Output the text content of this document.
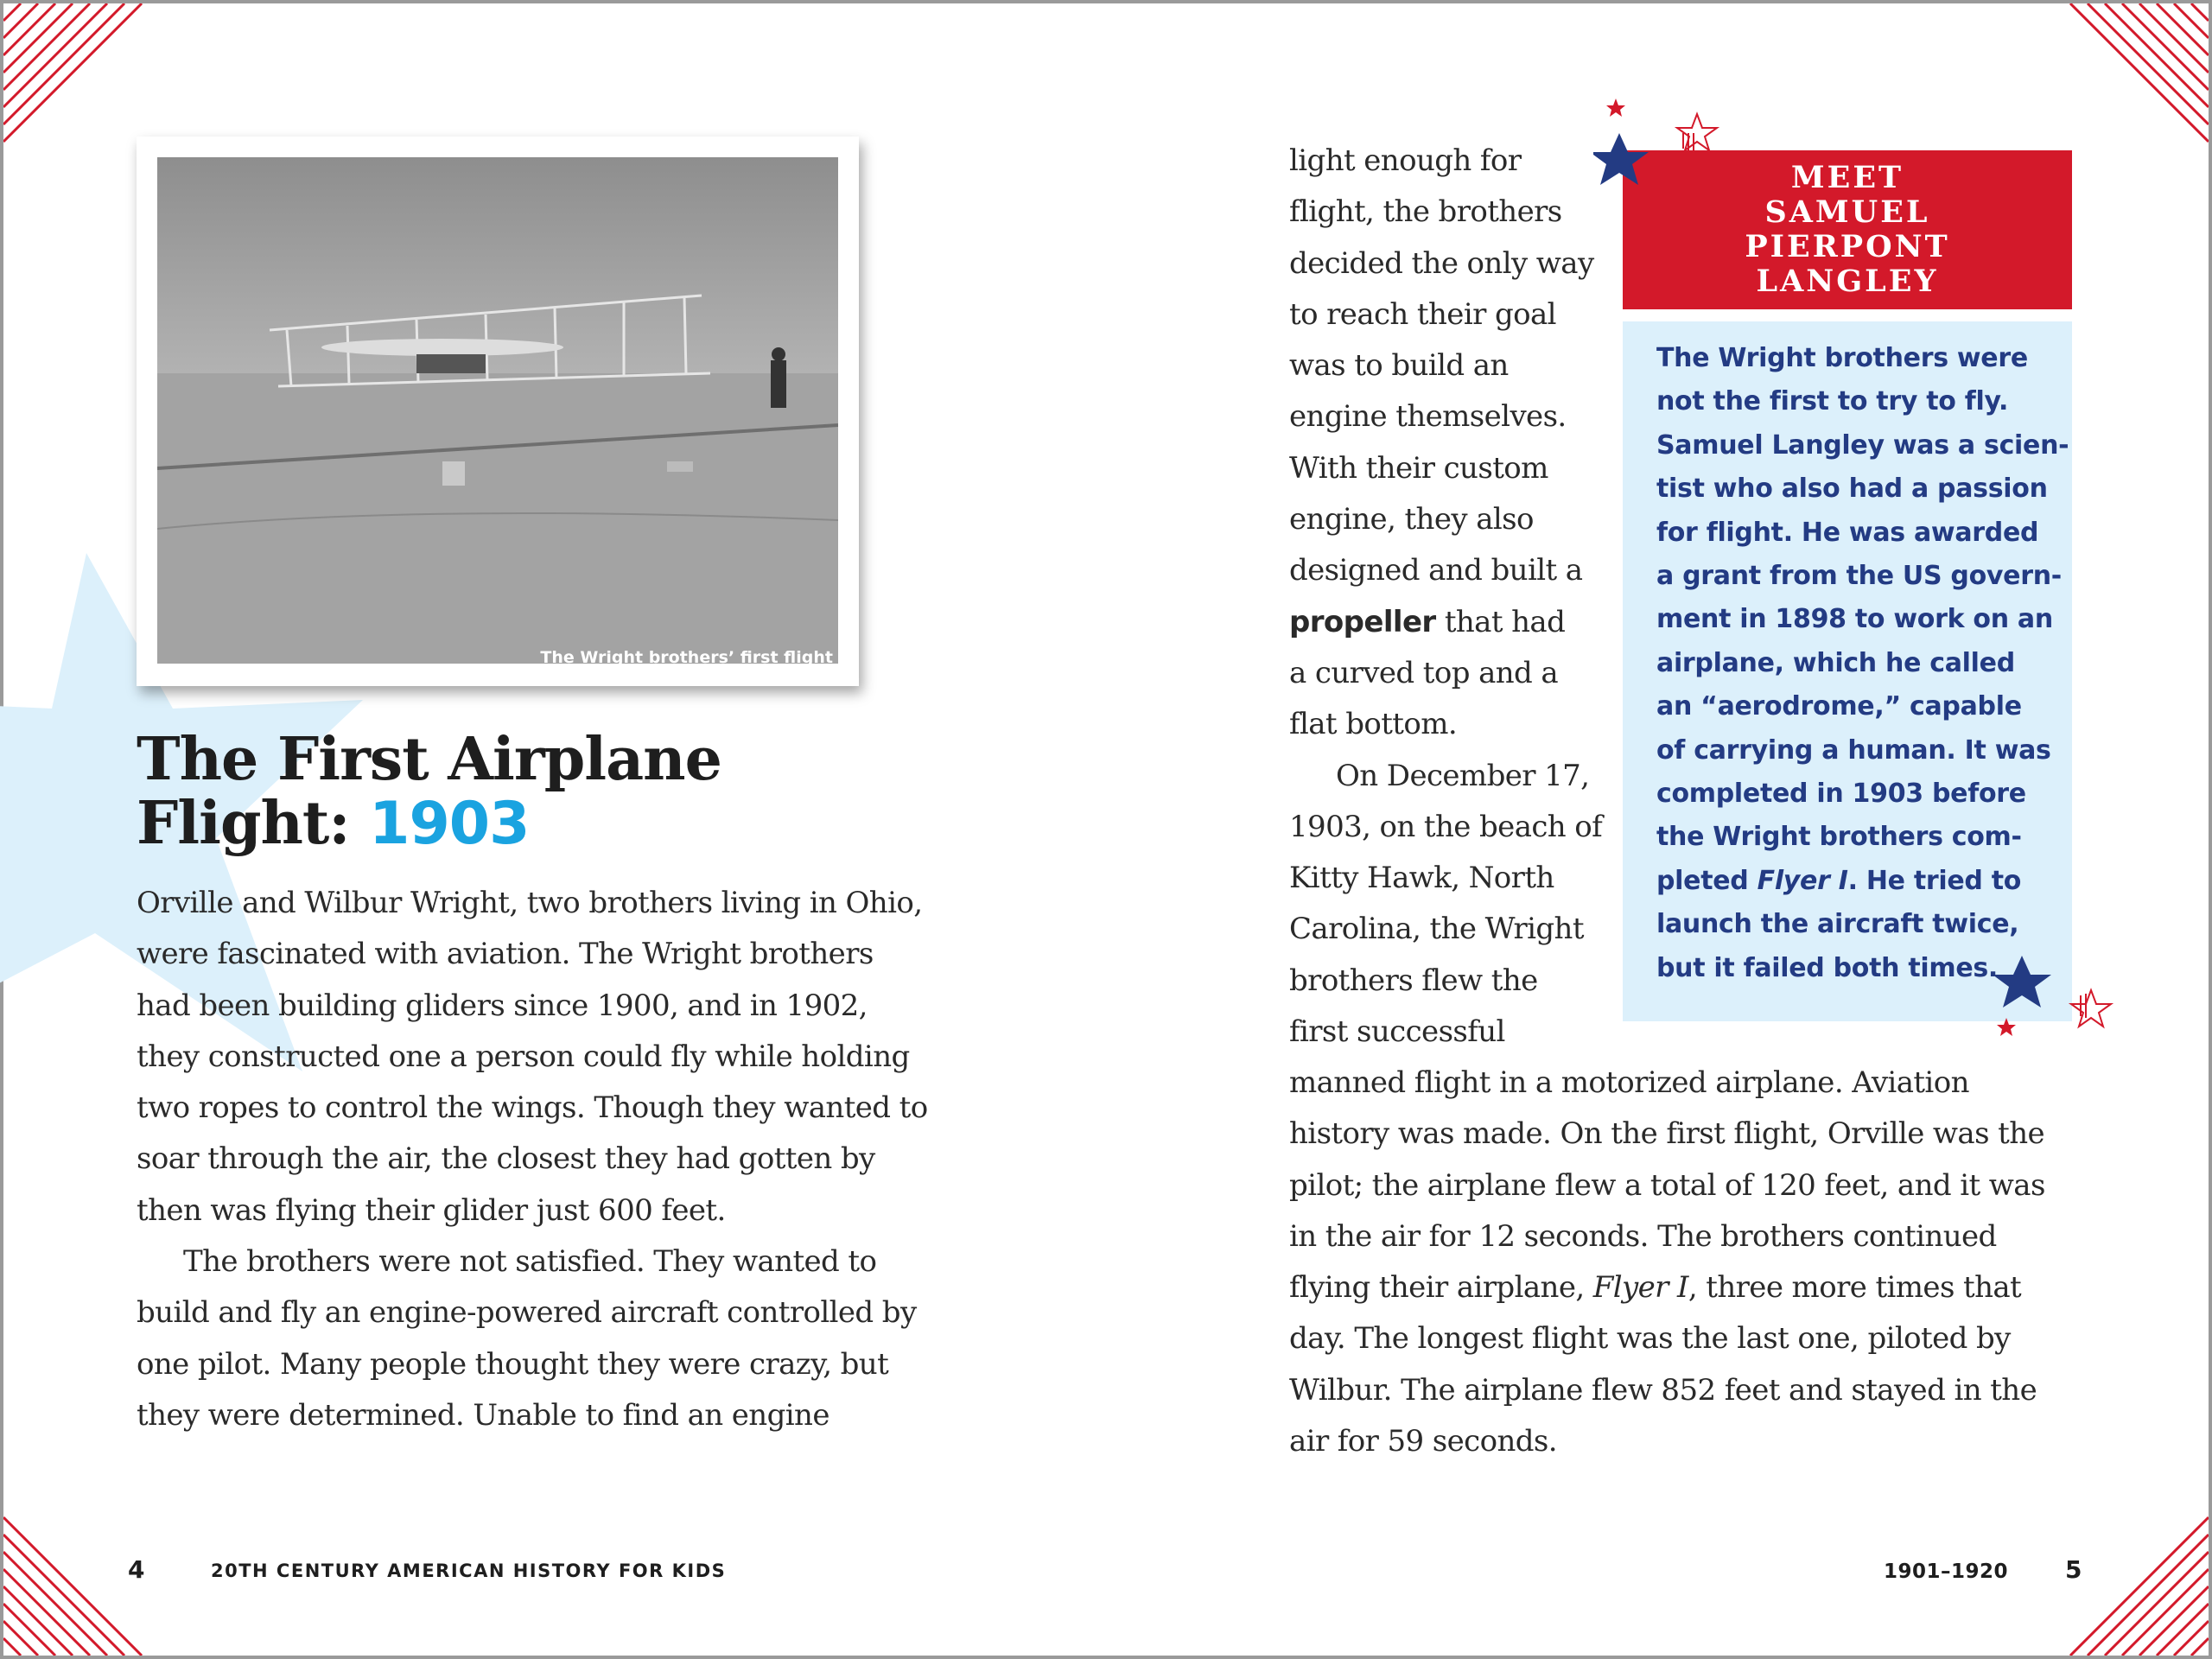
The Wright brothers’ first flight
The First Airplane Flight: 1903

Orville and Wilbur Wright, two brothers living in Ohio, were fascinated with aviation. The Wright brothers had been building gliders since 1900, and in 1902, they constructed one a person could fly while holding two ropes to control the wings. Though they wanted to soar through the air, the closest they had gotten by then was flying their glider just 600 feet.

The brothers were not satisfied. They wanted to build and fly an engine-powered aircraft controlled by one pilot. Many people thought they were crazy, but they were determined. Unable to find an engine

light enough for
flight, the brothers
decided the only way
to reach their goal
was to build an
engine themselves.
With their custom
engine, they also
designed and built a
propeller that had
a curved top and a
flat bottom.
On December 17,
1903, on the beach of
Kitty Hawk, North
Carolina, the Wright
brothers flew the
first successful
manned flight in a motorized airplane. Aviation
history was made. On the first flight, Orville was the
pilot; the airplane flew a total of 120 feet, and it was
in the air for 12 seconds. The brothers continued
flying their airplane, Flyer I, three more times that
day. The longest flight was the last one, piloted by
Wilbur. The airplane flew 852 feet and stayed in the
air for 59 seconds.
MEET
SAMUEL
PIERPONT
LANGLEY
The Wright brothers were
not the first to try to fly.
Samuel Langley was a scien-
tist who also had a passion
for flight. He was awarded
a grant from the US govern-
ment in 1898 to work on an
airplane, which he called
an “aerodrome,” capable
of carrying a human. It was
completed in 1903 before
the Wright brothers com-
pleted Flyer I. He tried to
launch the aircraft twice,
but it failed both times.
4	20TH CENTURY AMERICAN HISTORY FOR KIDS	1901–1920 5
